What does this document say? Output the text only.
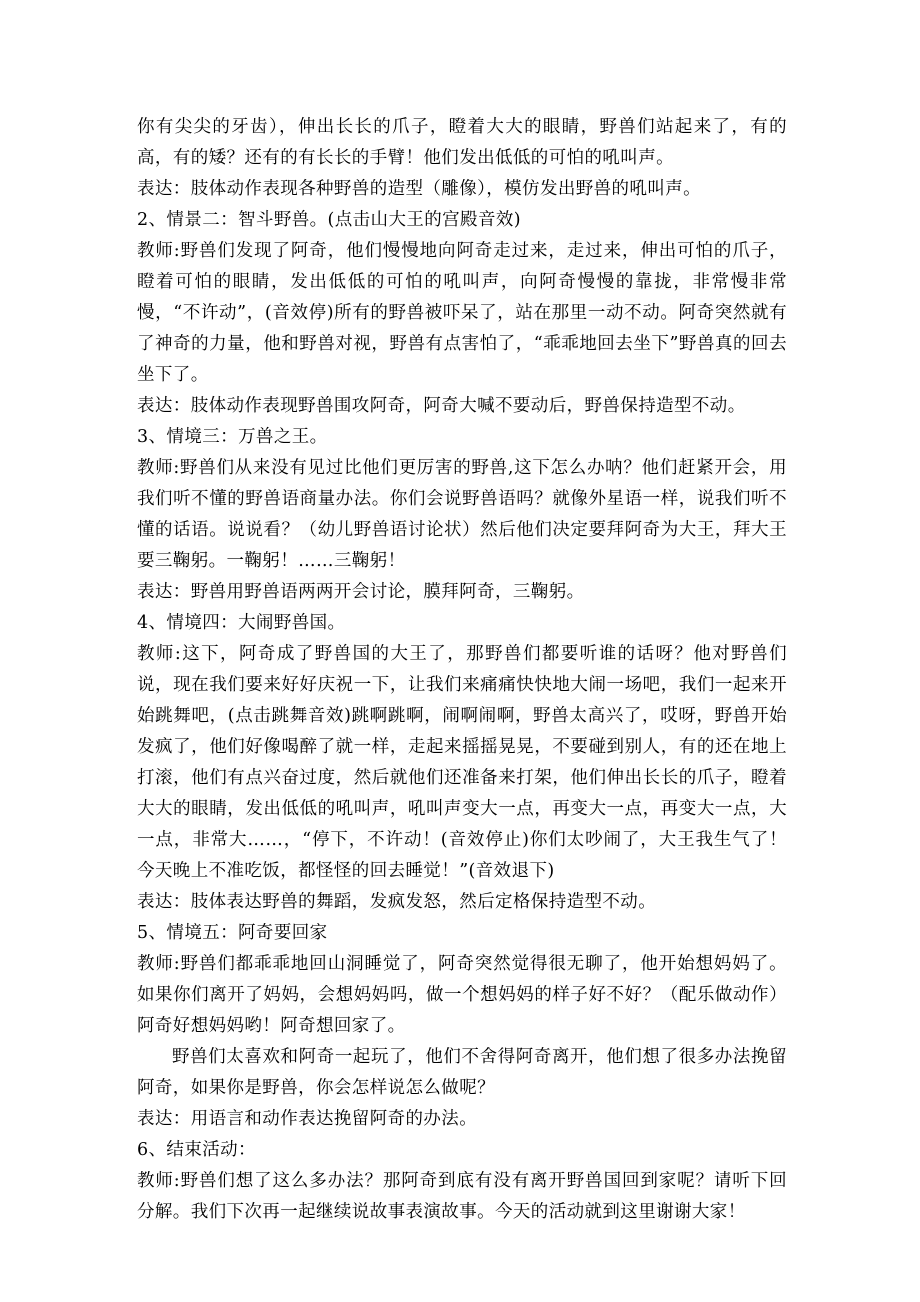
你有尖尖的牙齿），伸出长长的爪子，瞪着大大的眼睛，野兽们站起来了，有的高，有的矮？还有的有长长的手臂！他们发出低低的可怕的吼叫声。

表达：肢体动作表现各种野兽的造型（雕像），模仿发出野兽的吼叫声。

2、情景二：智斗野兽。(点击山大王的宫殿音效)

教师:野兽们发现了阿奇，他们慢慢地向阿奇走过来，走过来，伸出可怕的爪子，瞪着可怕的眼睛，发出低低的可怕的吼叫声，向阿奇慢慢的靠拢，非常慢非常慢，“不许动”，(音效停)所有的野兽被吓呆了，站在那里一动不动。阿奇突然就有了神奇的力量，他和野兽对视，野兽有点害怕了，“乖乖地回去坐下”野兽真的回去坐下了。

表达：肢体动作表现野兽围攻阿奇，阿奇大喊不要动后，野兽保持造型不动。

3、情境三：万兽之王。

教师:野兽们从来没有见过比他们更厉害的野兽,这下怎么办呐？他们赶紧开会，用我们听不懂的野兽语商量办法。你们会说野兽语吗？就像外星语一样，说我们听不懂的话语。说说看？（幼儿野兽语讨论状）然后他们决定要拜阿奇为大王，拜大王要三鞠躬。一鞠躬！……三鞠躬！

表达：野兽用野兽语两两开会讨论，膜拜阿奇，三鞠躬。

4、情境四：大闹野兽国。

教师:这下，阿奇成了野兽国的大王了，那野兽们都要听谁的话呀？他对野兽们说，现在我们要来好好庆祝一下，让我们来痛痛快快地大闹一场吧，我们一起来开始跳舞吧，(点击跳舞音效)跳啊跳啊，闹啊闹啊，野兽太高兴了，哎呀，野兽开始发疯了，他们好像喝醉了就一样，走起来摇摇晃晃，不要碰到别人，有的还在地上打滚，他们有点兴奋过度，然后就他们还准备来打架，他们伸出长长的爪子，瞪着大大的眼睛，发出低低的吼叫声，吼叫声变大一点，再变大一点，再变大一点，大一点，非常大……，“停下，不许动！(音效停止)你们太吵闹了，大王我生气了！今天晚上不准吃饭，都怪怪的回去睡觉！”(音效退下)

表达：肢体表达野兽的舞蹈，发疯发怒，然后定格保持造型不动。

5、情境五：阿奇要回家

教师:野兽们都乖乖地回山洞睡觉了，阿奇突然觉得很无聊了，他开始想妈妈了。如果你们离开了妈妈，会想妈妈吗，做一个想妈妈的样子好不好？（配乐做动作）阿奇好想妈妈哟！阿奇想回家了。

野兽们太喜欢和阿奇一起玩了，他们不舍得阿奇离开，他们想了很多办法挽留阿奇，如果你是野兽，你会怎样说怎么做呢？

表达：用语言和动作表达挽留阿奇的办法。

6、结束活动：

教师:野兽们想了这么多办法？那阿奇到底有没有离开野兽国回到家呢？请听下回分解。我们下次再一起继续说故事表演故事。今天的活动就到这里谢谢大家！
